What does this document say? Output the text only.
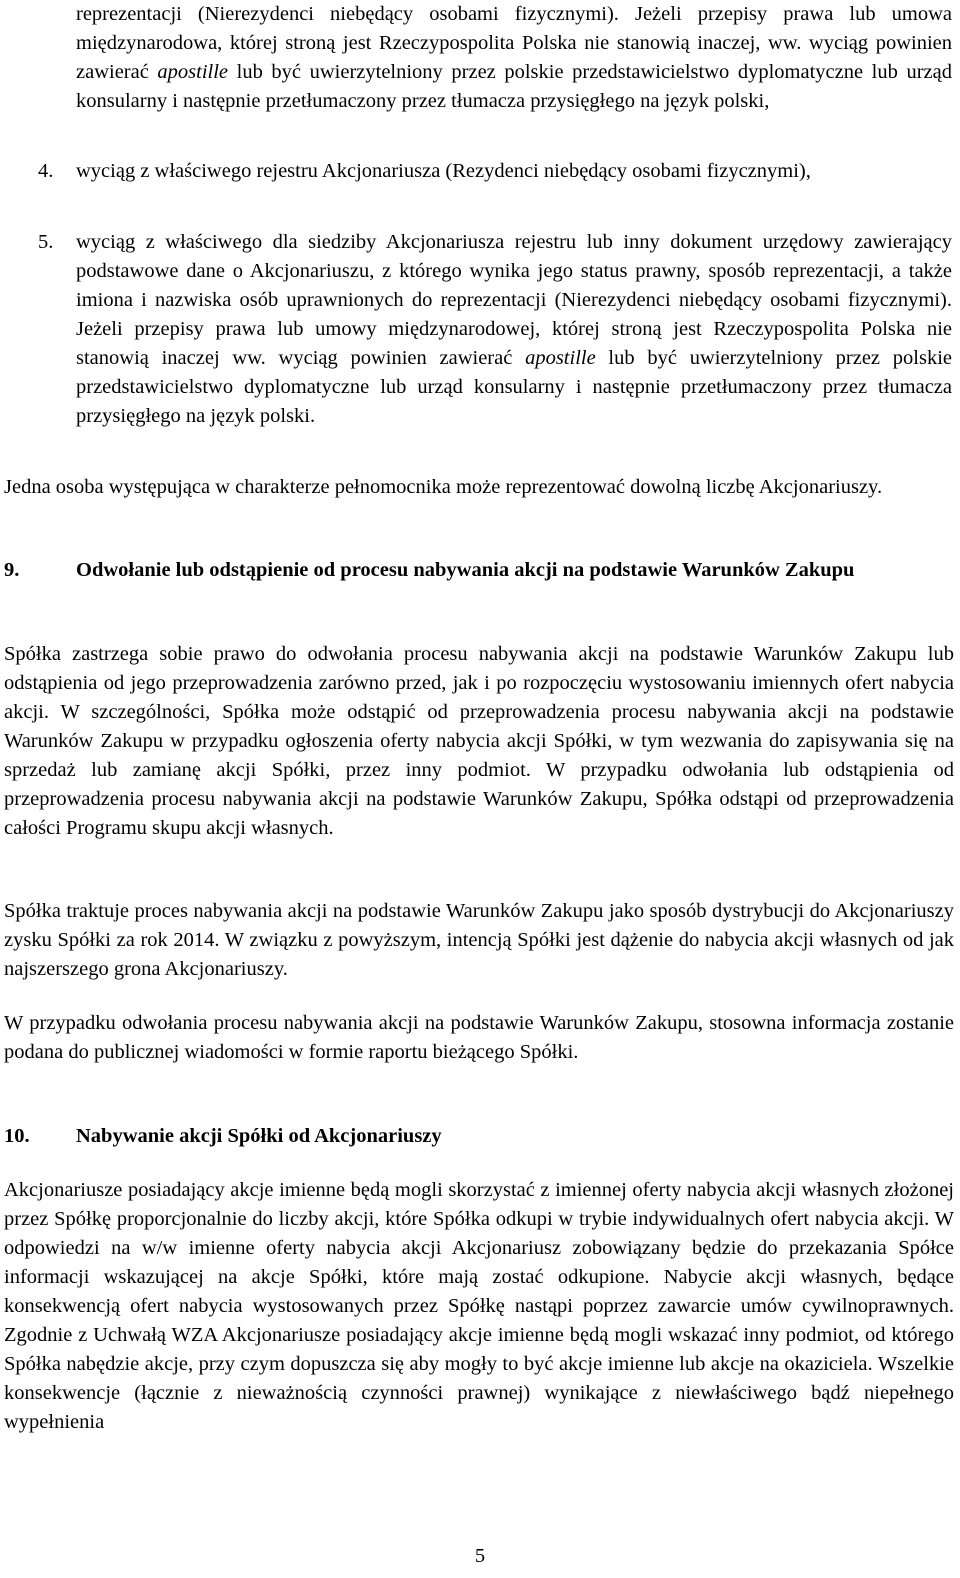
reprezentacji (Nierezydenci niebędący osobami fizycznymi). Jeżeli przepisy prawa lub umowa międzynarodowa, której stroną jest Rzeczypospolita Polska nie stanowią inaczej, ww. wyciąg powinien zawierać apostille lub być uwierzytelniony przez polskie przedstawicielstwo dyplomatyczne lub urząd konsularny i następnie przetłumaczony przez tłumacza przysięgłego na język polski,

4. wyciąg z właściwego rejestru Akcjonariusza (Rezydenci niebędący osobami fizycznymi),

5. wyciąg z właściwego dla siedziby Akcjonariusza rejestru lub inny dokument urzędowy zawierający podstawowe dane o Akcjonariuszu, z którego wynika jego status prawny, sposób reprezentacji, a także imiona i nazwiska osób uprawnionych do reprezentacji (Nierezydenci niebędący osobami fizycznymi). Jeżeli przepisy prawa lub umowy międzynarodowej, której stroną jest Rzeczypospolita Polska nie stanowią inaczej ww. wyciąg powinien zawierać apostille lub być uwierzytelniony przez polskie przedstawicielstwo dyplomatyczne lub urząd konsularny i następnie przetłumaczony przez tłumacza przysięgłego na język polski.

Jedna osoba występująca w charakterze pełnomocnika może reprezentować dowolną liczbę Akcjonariuszy.

9.	Odwołanie lub odstąpienie od procesu nabywania akcji na podstawie Warunków Zakupu

Spółka zastrzega sobie prawo do odwołania procesu nabywania akcji na podstawie Warunków Zakupu lub odstąpienia od jego przeprowadzenia zarówno przed, jak i po rozpoczęciu wystosowaniu imiennych ofert nabycia akcji. W szczególności, Spółka może odstąpić od przeprowadzenia procesu nabywania akcji na podstawie Warunków Zakupu w przypadku ogłoszenia oferty nabycia akcji Spółki, w tym wezwania do zapisywania się na sprzedaż lub zamianę akcji Spółki, przez inny podmiot. W przypadku odwołania lub odstąpienia od przeprowadzenia procesu nabywania akcji na podstawie Warunków Zakupu, Spółka odstąpi od przeprowadzenia całości Programu skupu akcji własnych.

Spółka traktuje proces nabywania akcji na podstawie Warunków Zakupu jako sposób dystrybucji do Akcjonariuszy zysku Spółki za rok 2014. W związku z powyższym, intencją Spółki jest dążenie do nabycia akcji własnych od jak najszerszego grona Akcjonariuszy.

W przypadku odwołania procesu nabywania akcji na podstawie Warunków Zakupu, stosowna informacja zostanie podana do publicznej wiadomości w formie raportu bieżącego Spółki.

10. Nabywanie akcji Spółki od Akcjonariuszy

Akcjonariusze posiadający akcje imienne będą mogli skorzystać z imiennej oferty nabycia akcji własnych złożonej przez Spółkę proporcjonalnie do liczby akcji, które Spółka odkupi w trybie indywidualnych ofert nabycia akcji. W odpowiedzi na w/w imienne oferty nabycia akcji Akcjonariusz zobowiązany będzie do przekazania Spółce informacji wskazującej na akcje Spółki, które mają zostać odkupione. Nabycie akcji własnych, będące konsekwencją ofert nabycia wystosowanych przez Spółkę nastąpi poprzez zawarcie umów cywilnoprawnych. Zgodnie z Uchwałą WZA Akcjonariusze posiadający akcje imienne będą mogli wskazać inny podmiot, od którego Spółka nabędzie akcje, przy czym dopuszcza się aby mogły to być akcje imienne lub akcje na okaziciela. Wszelkie konsekwencje (łącznie z nieważnością czynności prawnej) wynikające z niewłaściwego bądź niepełnego wypełnienia

5
